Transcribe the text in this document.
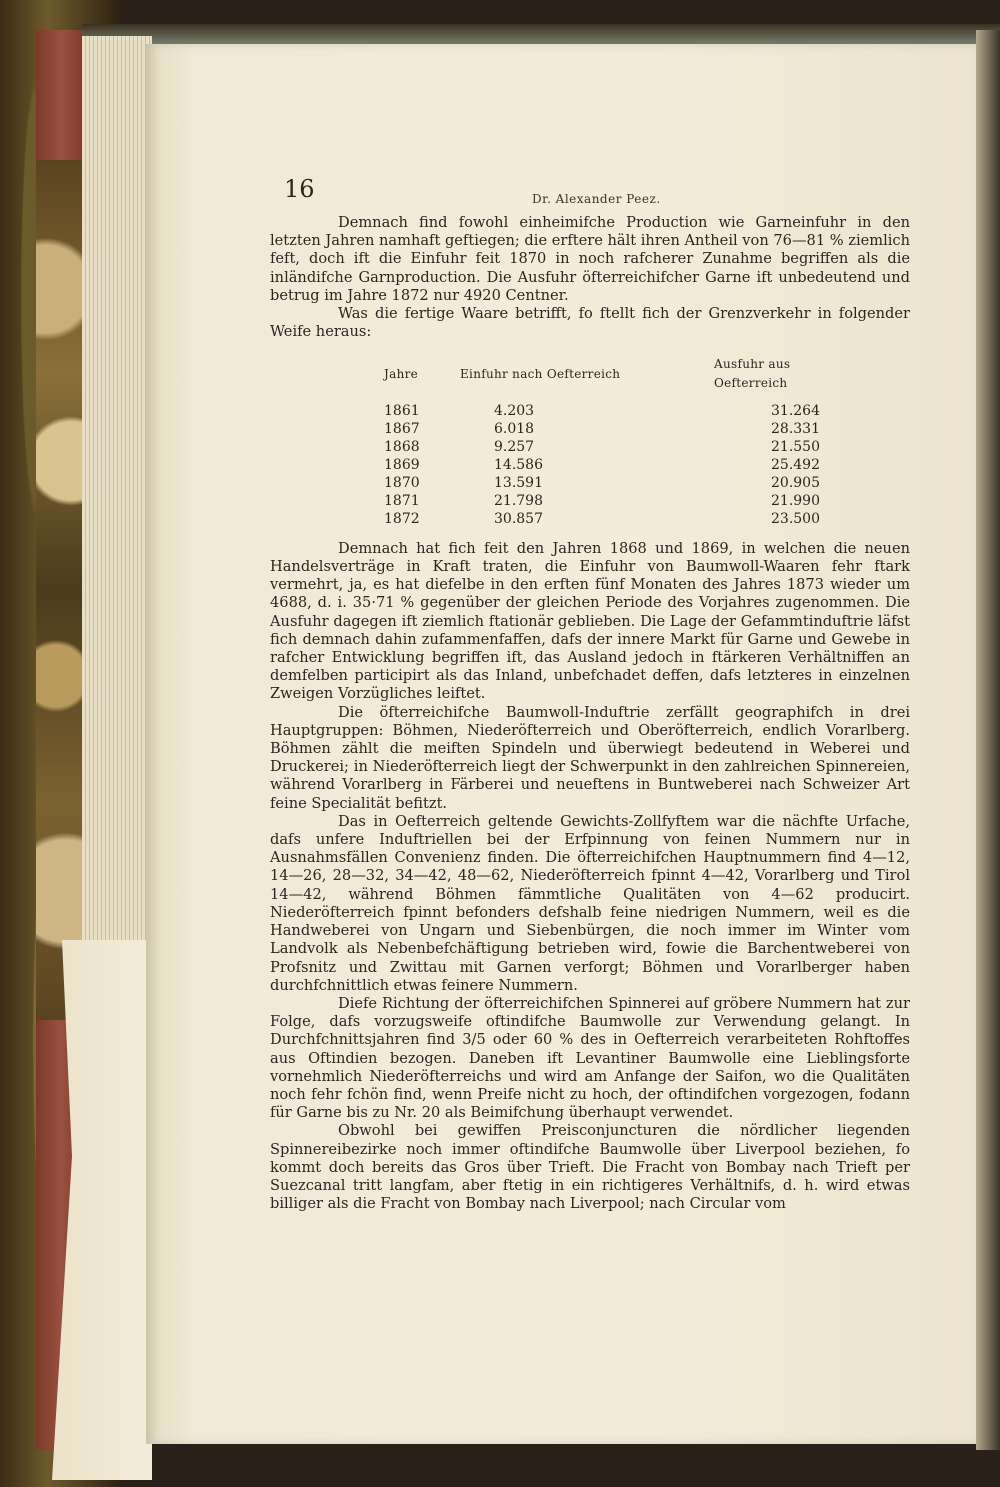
16	Dr. Alexander Peez.

Demnach find fowohl einheimifche Production wie Garneinfuhr in den letzten Jahren namhaft geftiegen; die erftere hält ihren Antheil von 76—81 % ziemlich feft, doch ift die Einfuhr feit 1870 in noch rafcherer Zunahme begriffen als die inländifche Garnproduction. Die Ausfuhr öfterreichifcher Garne ift unbedeutend und betrug im Jahre 1872 nur 4920 Centner.

Was die fertige Waare betrifft, fo ftellt fich der Grenzverkehr in folgender Weife heraus:

Jahre	Einfuhr nach Oefterreich	Ausfuhr aus Oefterreich
1861	4.203	31.264
1867	6.018	28.331
1868	9.257	21.550
1869	14.586	25.492
1870	13.591	20.905
1871	21.798	21.990
1872	30.857	23.500

Demnach hat fich feit den Jahren 1868 und 1869, in welchen die neuen Handelsverträge in Kraft traten, die Einfuhr von Baumwoll-Waaren fehr ftark vermehrt, ja, es hat diefelbe in den erften fünf Monaten des Jahres 1873 wieder um 4688, d. i. 35·71 % gegenüber der gleichen Periode des Vorjahres zugenommen. Die Ausfuhr dagegen ift ziemlich ftationär geblieben. Die Lage der Gefammtinduftrie läfst fich demnach dahin zufammenfaffen, dafs der innere Markt für Garne und Gewebe in rafcher Entwicklung begriffen ift, das Ausland jedoch in ftärkeren Verhältniffen an demfelben participirt als das Inland, unbefchadet deffen, dafs letzteres in einzelnen Zweigen Vorzügliches leiftet.

Die öfterreichifche Baumwoll-Induftrie zerfällt geographifch in drei Hauptgruppen: Böhmen, Niederöfterreich und Oberöfterreich, endlich Vorarlberg. Böhmen zählt die meiften Spindeln und überwiegt bedeutend in Weberei und Druckerei; in Niederöfterreich liegt der Schwerpunkt in den zahlreichen Spinnereien, während Vorarlberg in Färberei und neueftens in Buntweberei nach Schweizer Art feine Specialität befitzt.

Das in Oefterreich geltende Gewichts-Zollfyftem war die nächfte Urfache, dafs unfere Induftriellen bei der Erfpinnung von feinen Nummern nur in Ausnahmsfällen Convenienz finden. Die öfterreichifchen Hauptnummern find 4—12, 14—26, 28—32, 34—42, 48—62, Niederöfterreich fpinnt 4—42, Vorarlberg und Tirol 14—42, während Böhmen fämmtliche Qualitäten von 4—62 producirt. Niederöfterreich fpinnt befonders defshalb feine niedrigen Nummern, weil es die Handweberei von Ungarn und Siebenbürgen, die noch immer im Winter vom Landvolk als Nebenbefchäftigung betrieben wird, fowie die Barchentweberei von Profsnitz und Zwittau mit Garnen verforgt; Böhmen und Vorarlberger haben durchfchnittlich etwas feinere Nummern.

Diefe Richtung der öfterreichifchen Spinnerei auf gröbere Nummern hat zur Folge, dafs vorzugsweife oftindifche Baumwolle zur Verwendung gelangt. In Durchfchnittsjahren find 3/5 oder 60 % des in Oefterreich verarbeiteten Rohftoffes aus Oftindien bezogen. Daneben ift Levantiner Baumwolle eine Lieblingsforte vornehmlich Niederöfterreichs und wird am Anfange der Saifon, wo die Qualitäten noch fehr fchön find, wenn Preife nicht zu hoch, der oftindifchen vorgezogen, fodann für Garne bis zu Nr. 20 als Beimifchung überhaupt verwendet.

Obwohl bei gewiffen Preisconjuncturen die nördlicher liegenden Spinnereibezirke noch immer oftindifche Baumwolle über Liverpool beziehen, fo kommt doch bereits das Gros über Trieft. Die Fracht von Bombay nach Trieft per Suezcanal tritt langfam, aber ftetig in ein richtigeres Verhältnifs, d. h. wird etwas billiger als die Fracht von Bombay nach Liverpool; nach Circular vom
